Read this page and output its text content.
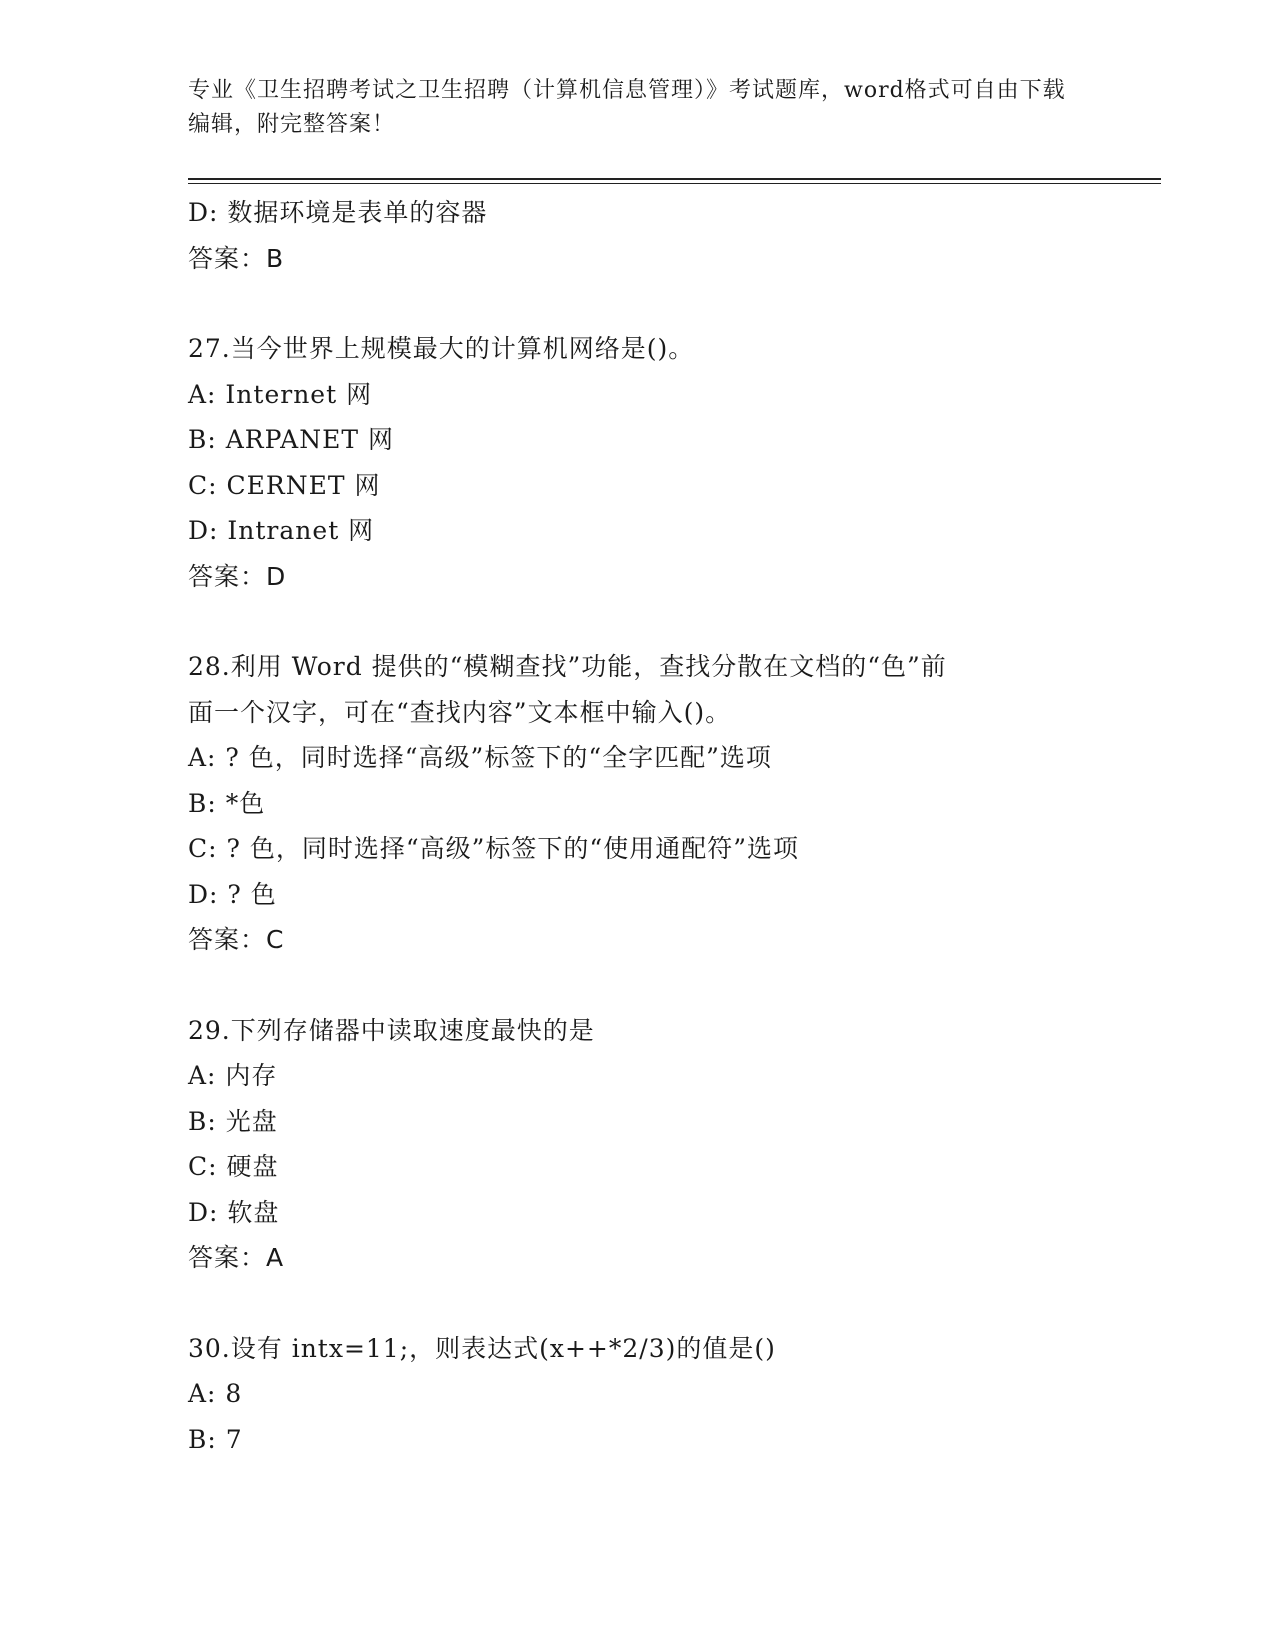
专业《卫生招聘考试之卫生招聘（计算机信息管理）》考试题库，word格式可自由下载编辑，附完整答案！
D: 数据环境是表单的容器
答案：B
27.当今世界上规模最大的计算机网络是()。
A: Internet 网
B: ARPANET 网
C: CERNET 网
D: Intranet 网
答案：D
28.利用 Word 提供的“模糊查找”功能，查找分散在文档的“色”前
面一个汉字，可在“查找内容”文本框中输入()。
A: ? 色，同时选择“高级”标签下的“全字匹配”选项
B: *色
C: ? 色，同时选择“高级”标签下的“使用通配符”选项
D: ? 色
答案：C
29.下列存储器中读取速度最快的是
A: 内存
B: 光盘
C: 硬盘
D: 软盘
答案：A
30.设有 intx=11;，则表达式(x++*2/3)的值是()
A: 8
B: 7
